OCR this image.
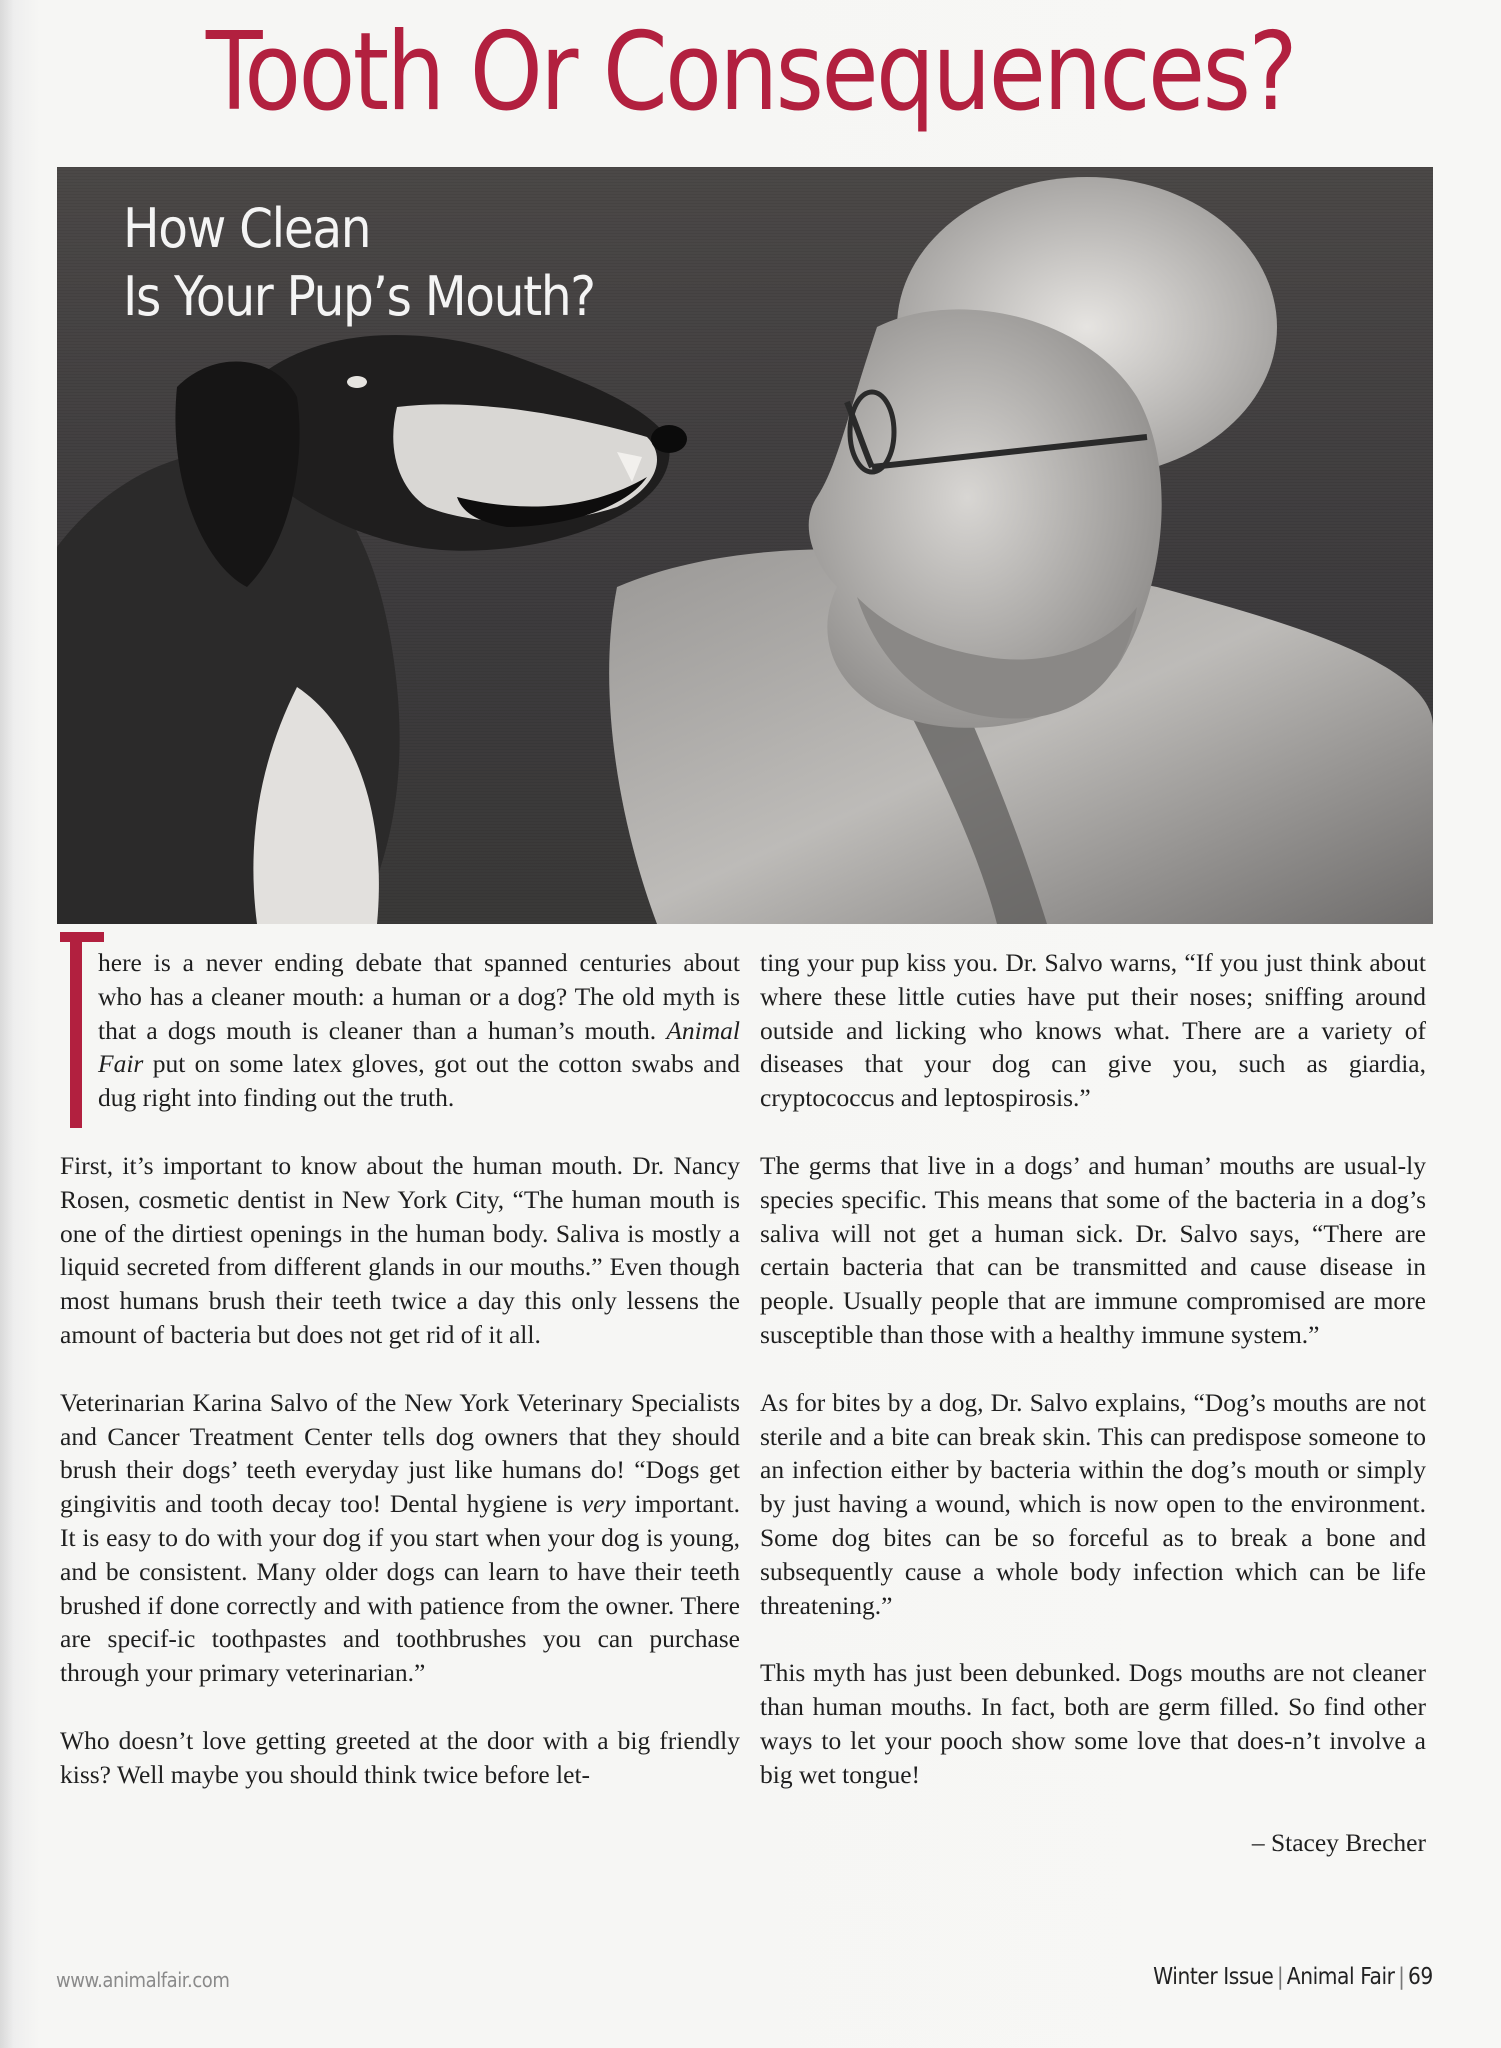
Tooth Or Consequences?
How Clean
Is Your Pup’s Mouth?

here is a never ending debate that spanned centuries about who has a cleaner mouth: a human or a dog? The old myth is that a dogs mouth is cleaner than a human’s mouth. Animal Fair put on some latex gloves, got out the cotton swabs and dug right into finding out the truth.

First, it’s important to know about the human mouth. Dr. Nancy Rosen, cosmetic dentist in New York City, “The human mouth is one of the dirtiest openings in the human body. Saliva is mostly a liquid secreted from different glands in our mouths.” Even though most humans brush their teeth twice a day this only lessens the amount of bacteria but does not get rid of it all.

Veterinarian Karina Salvo of the New York Veterinary Specialists and Cancer Treatment Center tells dog owners that they should brush their dogs’ teeth everyday just like humans do! “Dogs get gingivitis and tooth decay too! Dental hygiene is very important. It is easy to do with your dog if you start when your dog is young, and be consistent. Many older dogs can learn to have their teeth brushed if done correctly and with patience from the owner. There are specif-ic toothpastes and toothbrushes you can purchase through your primary veterinarian.”

Who doesn’t love getting greeted at the door with a big friendly kiss? Well maybe you should think twice before let-

ting your pup kiss you. Dr. Salvo warns, “If you just think about where these little cuties have put their noses; sniffing around outside and licking who knows what. There are a variety of diseases that your dog can give you, such as giardia, cryptococcus and leptospirosis.”

The germs that live in a dogs’ and human’ mouths are usual-ly species specific. This means that some of the bacteria in a dog’s saliva will not get a human sick. Dr. Salvo says, “There are certain bacteria that can be transmitted and cause disease in people. Usually people that are immune compromised are more susceptible than those with a healthy immune system.”

As for bites by a dog, Dr. Salvo explains, “Dog’s mouths are not sterile and a bite can break skin. This can predispose someone to an infection either by bacteria within the dog’s mouth or simply by just having a wound, which is now open to the environment. Some dog bites can be so forceful as to break a bone and subsequently cause a whole body infection which can be life threatening.”

This myth has just been debunked. Dogs mouths are not cleaner than human mouths. In fact, both are germ filled. So find other ways to let your pooch show some love that does-n’t involve a big wet tongue!

– Stacey Brecher

www.animalfair.com	Winter Issue | Animal Fair | 69
